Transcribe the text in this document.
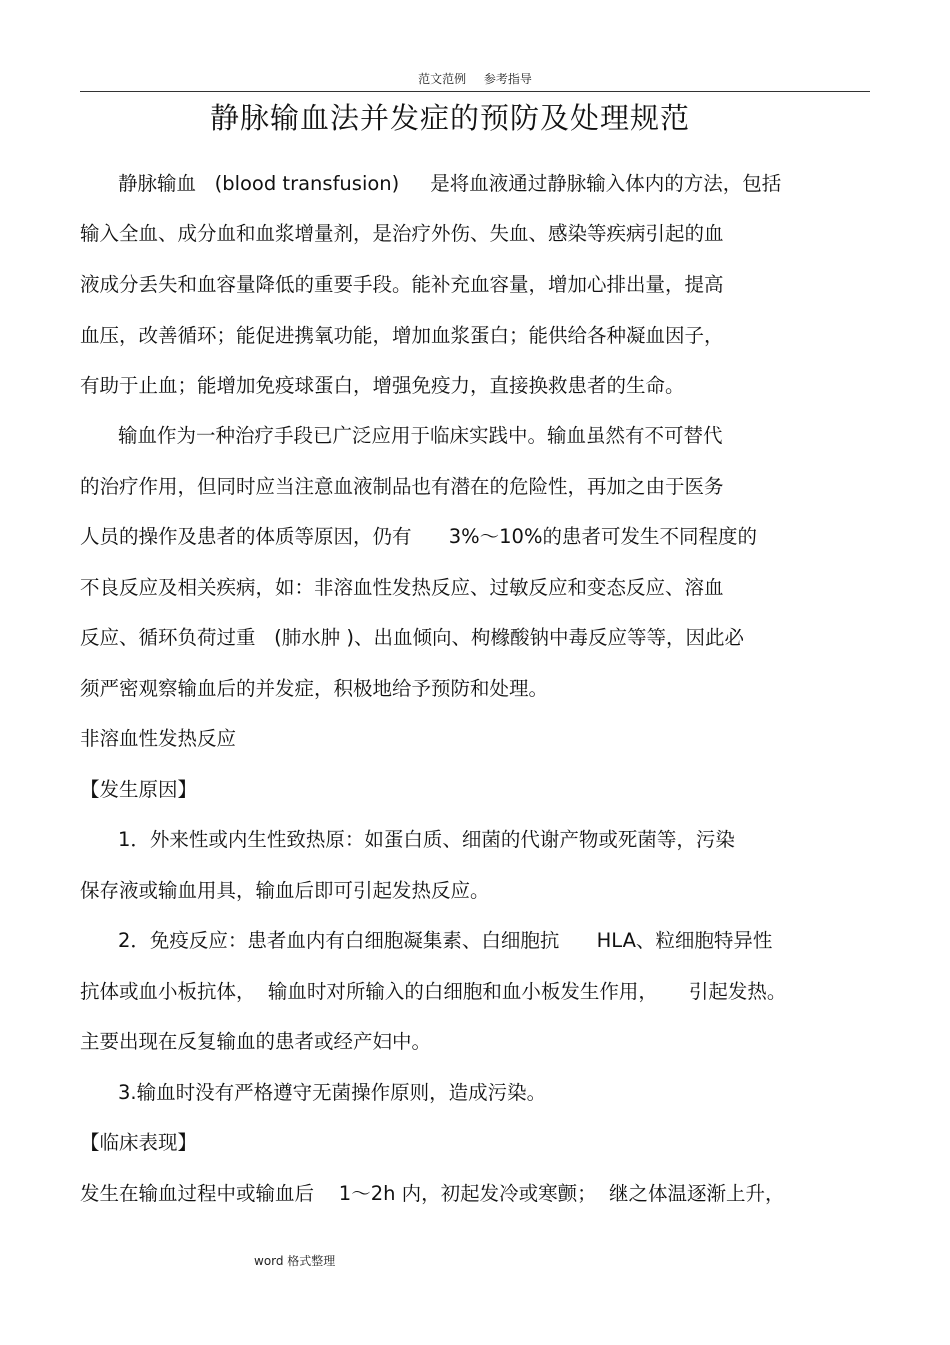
范文范例 参考指导
静脉输血法并发症的预防及处理规范
静脉输血   (blood transfusion)     是将血液通过静脉输入体内的方法，包括
输入全血、成分血和血浆增量剂，是治疗外伤、失血、感染等疾病引起的血
液成分丢失和血容量降低的重要手段。能补充血容量，增加心排出量，提高
血压，改善循环；能促进携氧功能，增加血浆蛋白；能供给各种凝血因子，
有助于止血；能增加免疫球蛋白，增强免疫力，直接换救患者的生命。
输血作为一种治疗手段已广泛应用于临床实践中。输血虽然有不可替代
的治疗作用，但同时应当注意血液制品也有潜在的危险性，再加之由于医务
人员的操作及患者的体质等原因，仍有      3%～10%的患者可发生不同程度的
不良反应及相关疾病，如：非溶血性发热反应、过敏反应和变态反应、溶血
反应、循环负荷过重   (肺水肿 )、出血倾向、枸橼酸钠中毒反应等等，因此必
须严密观察输血后的并发症，积极地给予预防和处理。
非溶血性发热反应
【发生原因】
1．外来性或内生性致热原：如蛋白质、细菌的代谢产物或死菌等，污染
保存液或输血用具，输血后即可引起发热反应。
2．免疫反应：患者血内有白细胞凝集素、白细胞抗      HLA、粒细胞特异性
抗体或血小板抗体，  输血时对所输入的白细胞和血小板发生作用，     引起发热。
主要出现在反复输血的患者或经产妇中。
3.输血时没有严格遵守无菌操作原则，造成污染。
【临床表现】
发生在输血过程中或输血后    1～2h 内，初起发冷或寒颤；  继之体温逐渐上升，
word 格式整理
